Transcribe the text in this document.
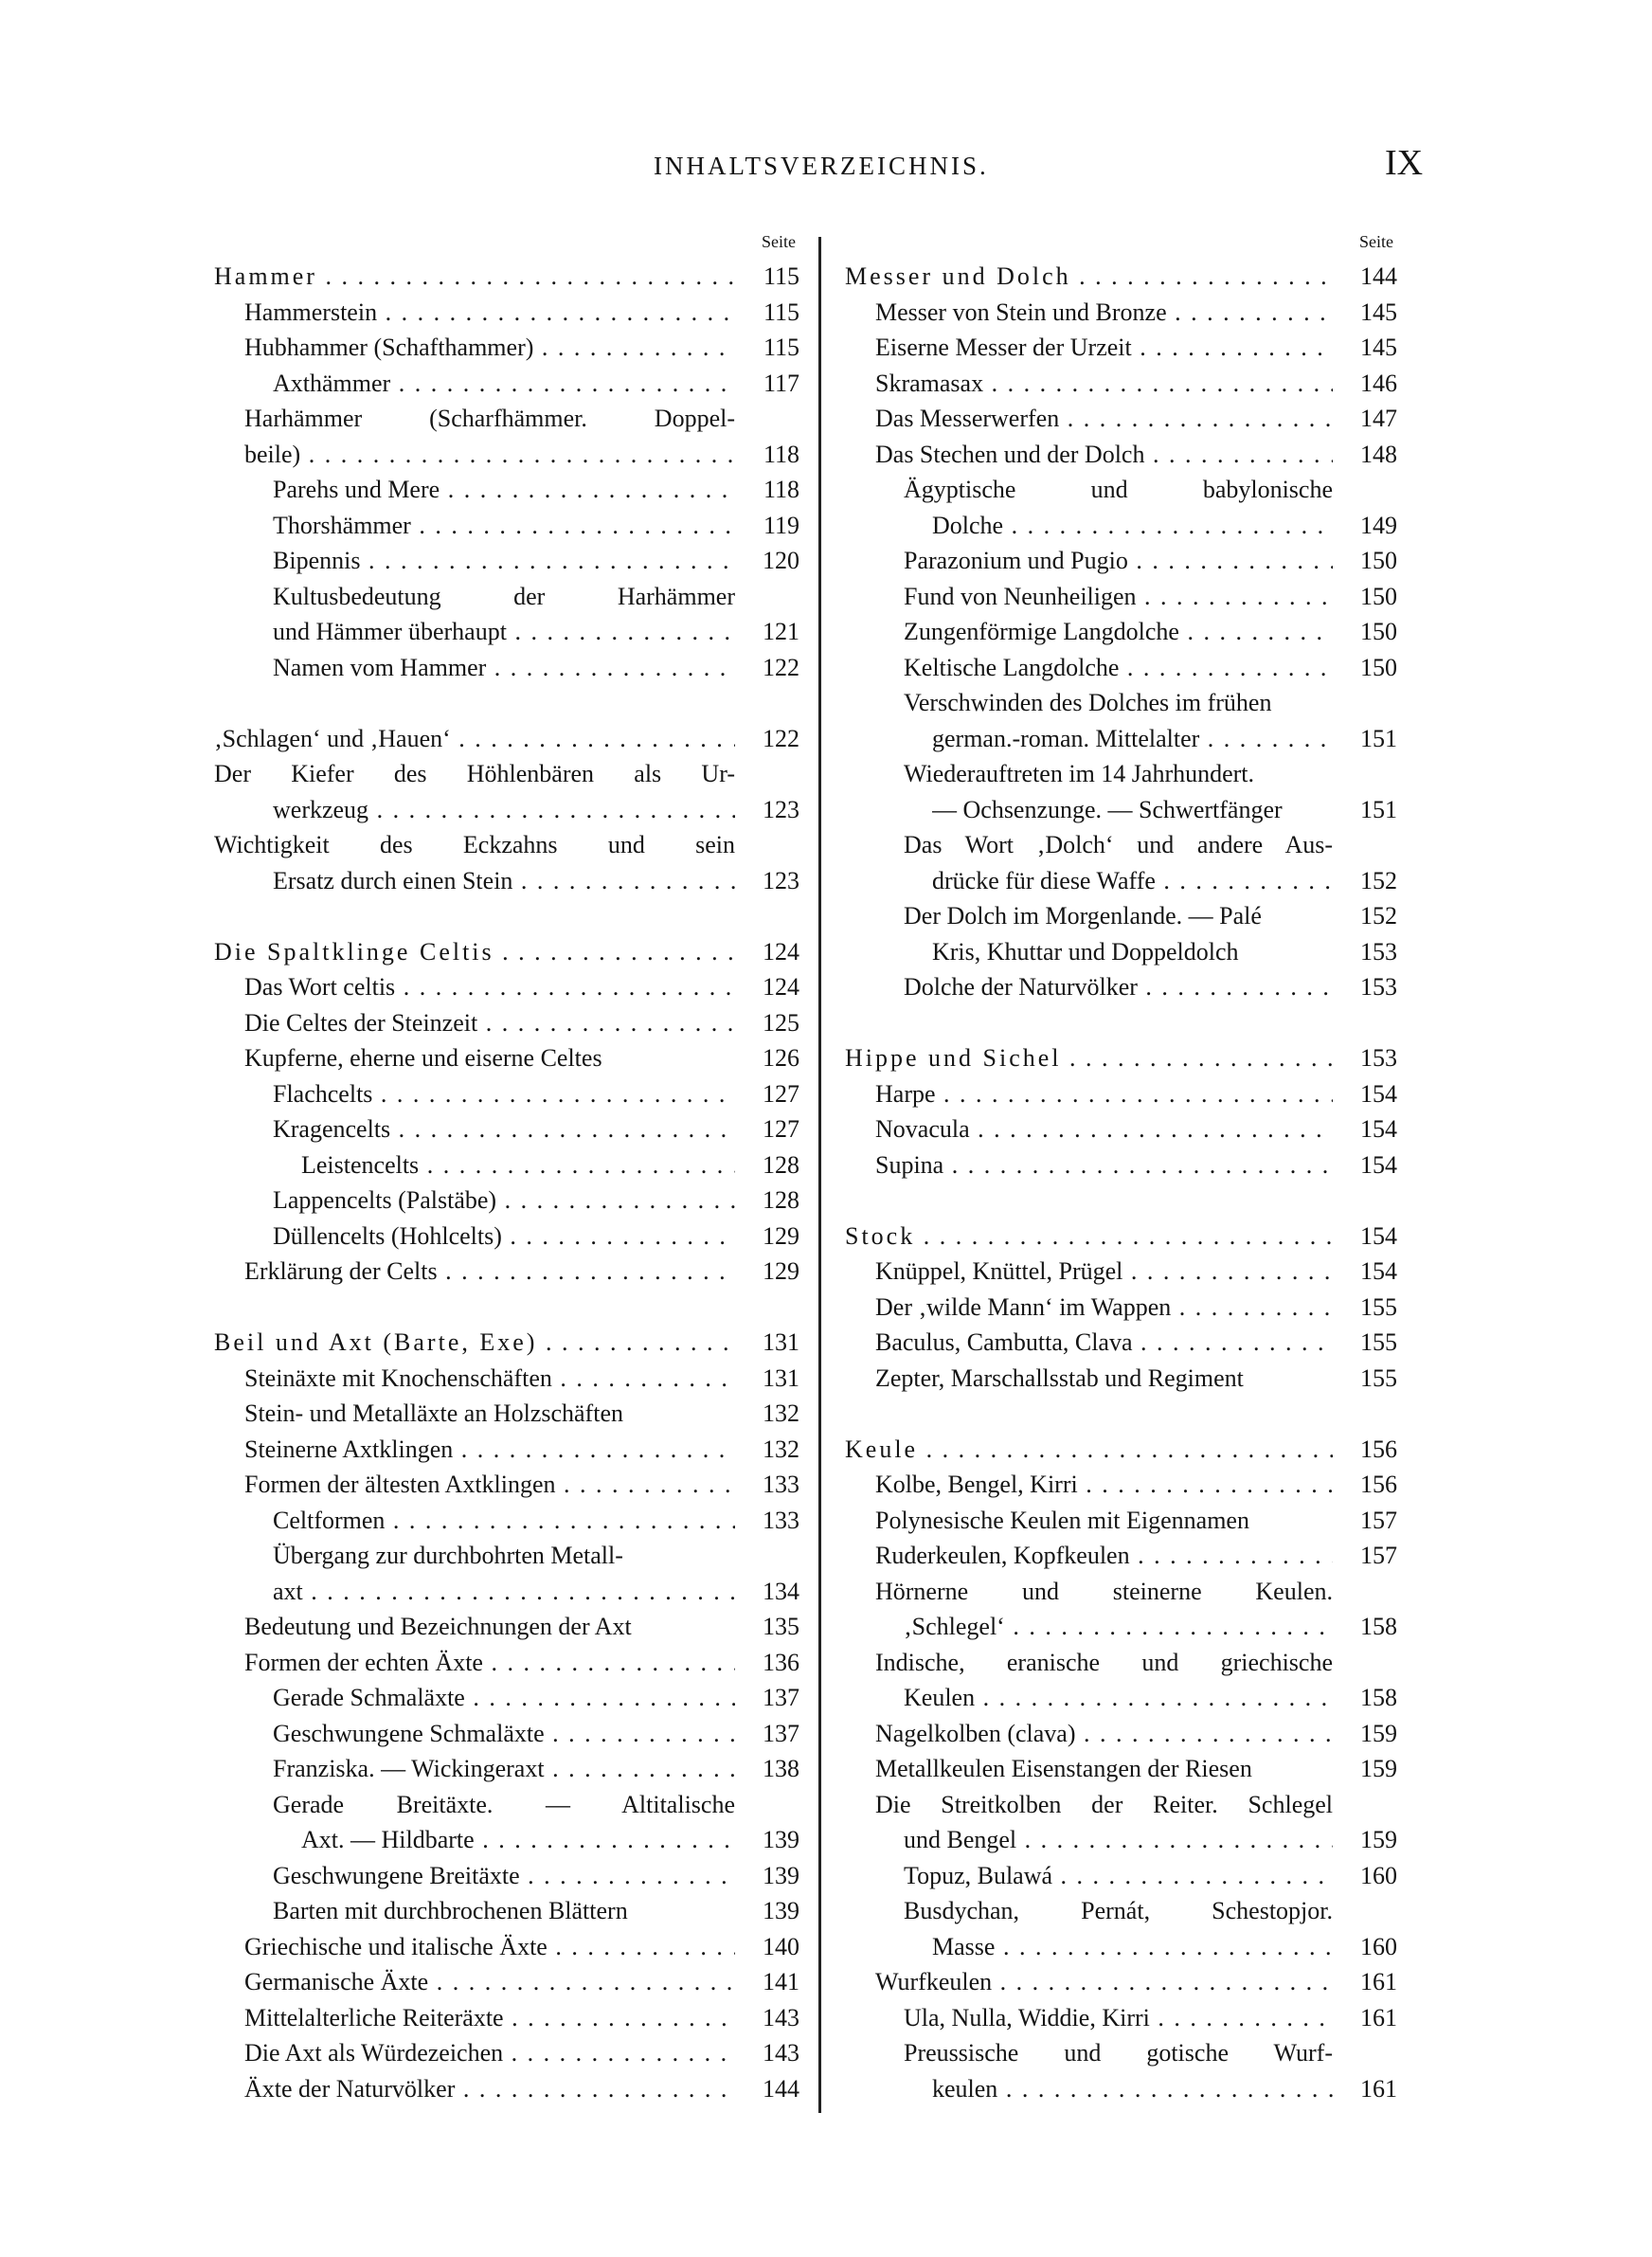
INHALTSVERZEICHNIS.	IX
Seite
Hammer . . .	115
Hammerstein . . .	115
Hubhammer (Schafthammer) . . .	115
Axthämmer . . .	117
Harhämmer (Scharfhämmer. Doppel-
beile) . . .	118
Parehs und Mere . . .	118
Thorshämmer . . .	119
Bipennis . . .	120
Kultusbedeutung der Harhämmer
und Hämmer überhaupt . . .	121
Namen vom Hammer . . .	122
‚Schlagen‘ und ‚Hauen‘ . . .	122
Der Kiefer des Höhlenbären als Ur-
werkzeug . . .	123
Wichtigkeit des Eckzahns und sein
Ersatz durch einen Stein . . .	123
Die Spaltklinge Celtis . . .	124
Das Wort celtis . . .	124
Die Celtes der Steinzeit . . .	125
Kupferne, eherne und eiserne Celtes	126
Flachcelts . . .	127
Kragencelts . . .	127
Leistencelts . . .	128
Lappencelts (Palstäbe) . . .	128
Düllencelts (Hohlcelts) . . .	129
Erklärung der Celts . . .	129
Beil und Axt (Barte, Exe) . . .	131
Steinäxte mit Knochenschäften . . .	131
Stein- und Metalläxte an Holzschäften	132
Steinerne Axtklingen . . .	132
Formen der ältesten Axtklingen . . .	133
Celtformen . . .	133
Übergang zur durchbohrten Metall-
axt . . .	134
Bedeutung und Bezeichnungen der Axt	135
Formen der echten Äxte . . .	136
Gerade Schmaläxte . . .	137
Geschwungene Schmaläxte . . .	137
Franziska. — Wickingeraxt . . .	138
Gerade Breitäxte. — Altitalische
Axt. — Hildbarte . . .	139
Geschwungene Breitäxte . . .	139
Barten mit durchbrochenen Blättern	139
Griechische und italische Äxte . . .	140
Germanische Äxte . . .	141
Mittelalterliche Reiteräxte . . .	143
Die Axt als Würdezeichen . . .	143
Äxte der Naturvölker . . .	144
Seite
Messer und Dolch . . .	144
Messer von Stein und Bronze . . .	145
Eiserne Messer der Urzeit . . .	145
Skramasax . . .	146
Das Messerwerfen . . .	147
Das Stechen und der Dolch . . .	148
Ägyptische und babylonische
Dolche . . .	149
Parazonium und Pugio . . .	150
Fund von Neunheiligen . . .	150
Zungenförmige Langdolche . . .	150
Keltische Langdolche . . .	150
Verschwinden des Dolches im frühen
german.-roman. Mittelalter . . .	151
Wiederauftreten im 14 Jahrhundert.
— Ochsenzunge. — Schwertfänger	151
Das Wort ‚Dolch‘ und andere Aus-
drücke für diese Waffe . . .	152
Der Dolch im Morgenlande. — Palé	152
Kris, Khuttar und Doppeldolch	153
Dolche der Naturvölker . . .	153
Hippe und Sichel . . .	153
Harpe . . .	154
Novacula . . .	154
Supina . . .	154
Stock . . .	154
Knüppel, Knüttel, Prügel . . .	154
Der ‚wilde Mann‘ im Wappen . . .	155
Baculus, Cambutta, Clava . . .	155
Zepter, Marschallsstab und Regiment	155
Keule . . .	156
Kolbe, Bengel, Kirri . . .	156
Polynesische Keulen mit Eigennamen	157
Ruderkeulen, Kopfkeulen . . .	157
Hörnerne und steinerne Keulen.
‚Schlegel‘ . . .	158
Indische, eranische und griechische
Keulen . . .	158
Nagelkolben (clava) . . .	159
Metallkeulen Eisenstangen der Riesen	159
Die Streitkolben der Reiter. Schlegel
und Bengel . . .	159
Topuz, Bulawá . . .	160
Busdychan, Pernát, Schestopjor.
Masse . . .	160
Wurfkeulen . . .	161
Ula, Nulla, Widdie, Kirri . . .	161
Preussische und gotische Wurf-
keulen . . .	161
